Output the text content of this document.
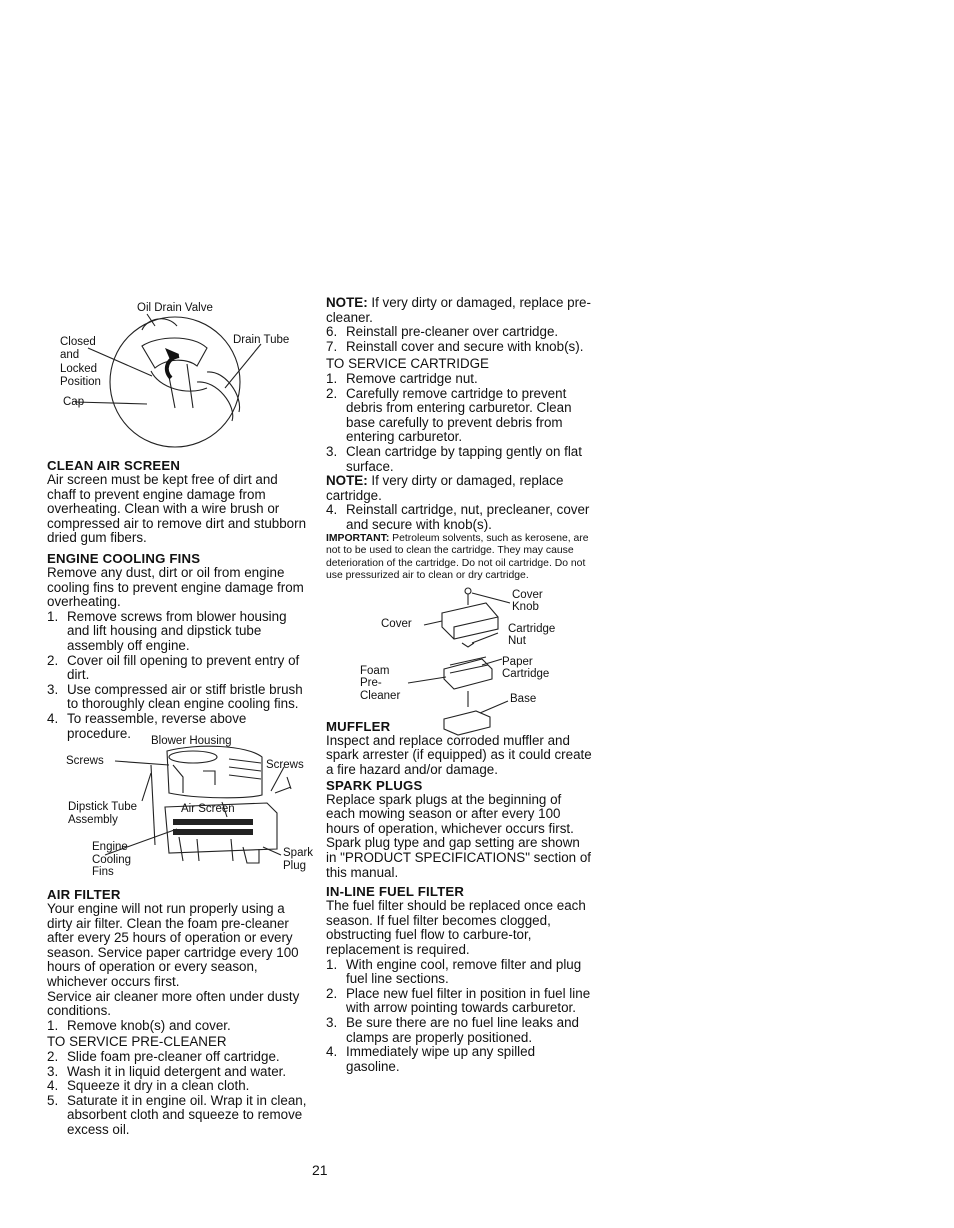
Oil Drain Valve
Closed and Locked Position
Drain Tube
Cap
CLEAN AIR SCREEN

Air screen must be kept free of dirt and chaff to prevent engine damage from overheating. Clean with a wire brush or compressed air to remove dirt and stubborn dried gum fibers.

ENGINE COOLING FINS

Remove any dust, dirt or oil from engine cooling fins to prevent engine damage from overheating.

1. Remove screws from blower housing and lift housing and dipstick tube assembly off engine.
2. Cover oil fill opening to prevent entry of dirt.
3. Use compressed air or stiff bristle brush to thoroughly clean engine cooling fins.
4. To reassemble, reverse above procedure.
Blower Housing
Screws	Screws
Dipstick Tube Assembly
Air Screen
Engine Cooling Fins
Spark Plug
AIR FILTER

Your engine will not run properly using a dirty air filter. Clean the foam pre-cleaner after every 25 hours of operation or every season. Service paper cartridge every 100 hours of operation or every season, whichever occurs first.

Service air cleaner more often under dusty conditions.

1. Remove knob(s) and cover.

TO SERVICE PRE-CLEANER

2. Slide foam pre-cleaner off cartridge.
3. Wash it in liquid detergent and water.
4. Squeeze it dry in a clean cloth.
5. Saturate it in engine oil. Wrap it in clean, absorbent cloth and squeeze to remove excess oil.

NOTE: If very dirty or damaged, replace pre-cleaner.

6. Reinstall pre-cleaner over cartridge.
7. Reinstall cover and secure with knob(s).

TO SERVICE CARTRIDGE

1. Remove cartridge nut.
2. Carefully remove cartridge to prevent debris from entering carburetor. Clean base carefully to prevent debris from entering carburetor.
3. Clean cartridge by tapping gently on flat surface.

NOTE: If very dirty or damaged, replace cartridge.

4. Reinstall cartridge, nut, precleaner, cover and secure with knob(s).

IMPORTANT: Petroleum solvents, such as kerosene, are not to be used to clean the cartridge. They may cause deterioration of the cartridge. Do not oil cartridge. Do not use pressurized air to clean or dry cartridge.

Cover Knob
Cover	Cartridge Nut
Paper Cartridge
Foam Pre-Cleaner	Base
MUFFLER

Inspect and replace corroded muffler and spark arrester (if equipped) as it could create a fire hazard and/or damage.

SPARK PLUGS

Replace spark plugs at the beginning of each mowing season or after every 100 hours of operation, whichever occurs first. Spark plug type and gap setting are shown in "PRODUCT SPECIFICATIONS" section of this manual.

IN-LINE FUEL FILTER

The fuel filter should be replaced once each season. If fuel filter becomes clogged, obstructing fuel flow to carbure-tor, replacement is required.

1. With engine cool, remove filter and plug fuel line sections.
2. Place new fuel filter in position in fuel line with arrow pointing towards carburetor.
3. Be sure there are no fuel line leaks and clamps are properly positioned.
4. Immediately wipe up any spilled gasoline.
21
